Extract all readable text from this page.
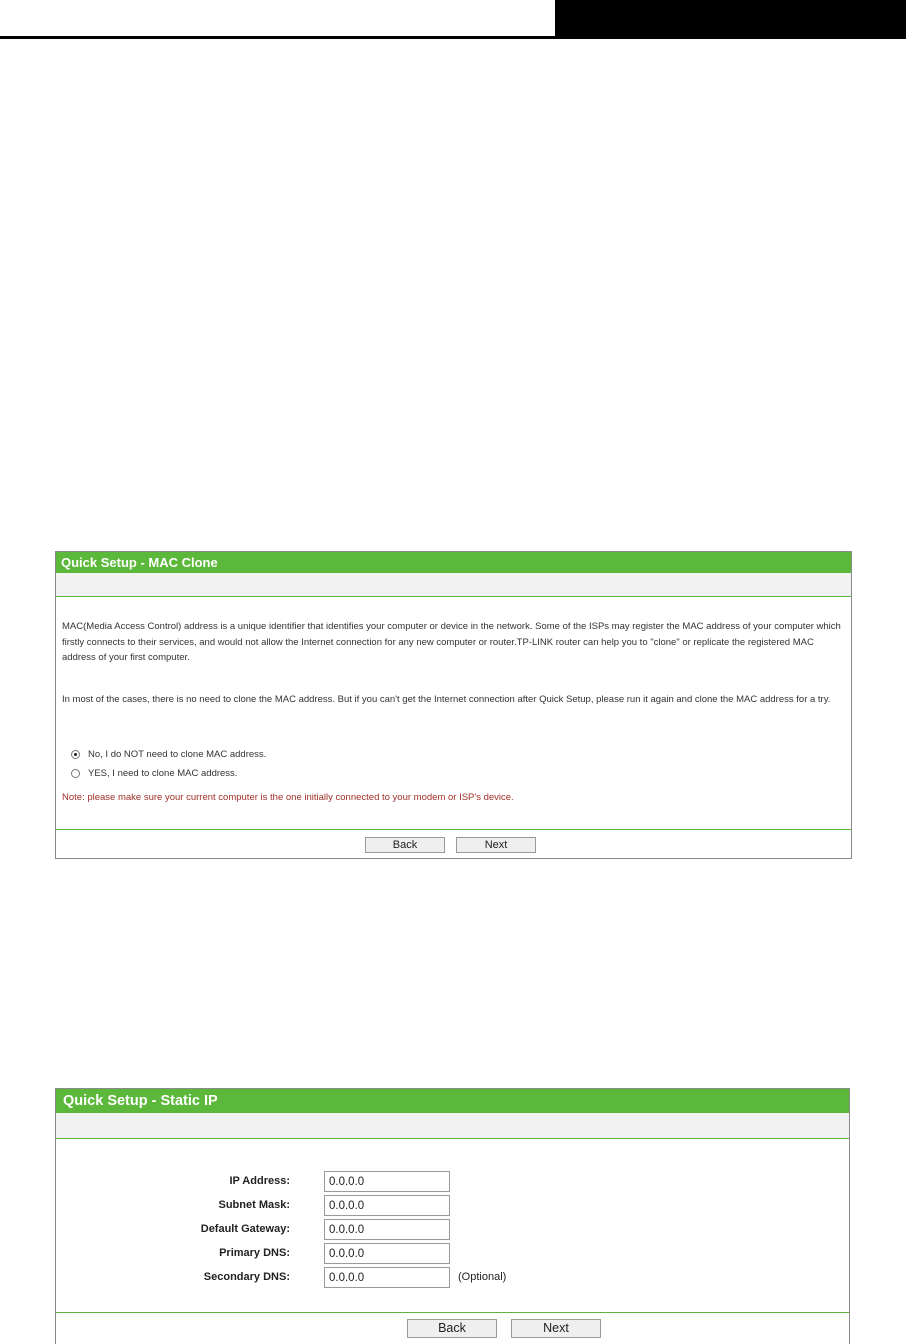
Quick Setup - MAC Clone

MAC(Media Access Control) address is a unique identifier that identifies your computer or device in the network. Some of the ISPs may register the MAC address of your computer which firstly connects to their services, and would not allow the Internet connection for any new computer or router.TP-LINK router can help you to "clone" or replicate the registered MAC address of your first computer.

In most of the cases, there is no need to clone the MAC address. But if you can't get the Internet connection after Quick Setup, please run it again and clone the MAC address for a try.

No, I do NOT need to clone MAC address.
YES, I need to clone MAC address.
Note: please make sure your current computer is the one initially connected to your modem or ISP's device.
Back	Next
Quick Setup - Static IP
IP Address:
0.0.0.0
Subnet Mask:
0.0.0.0
Default Gateway:
0.0.0.0
Primary DNS:
0.0.0.0
Secondary DNS:
0.0.0.0	(Optional)
Back	Next
